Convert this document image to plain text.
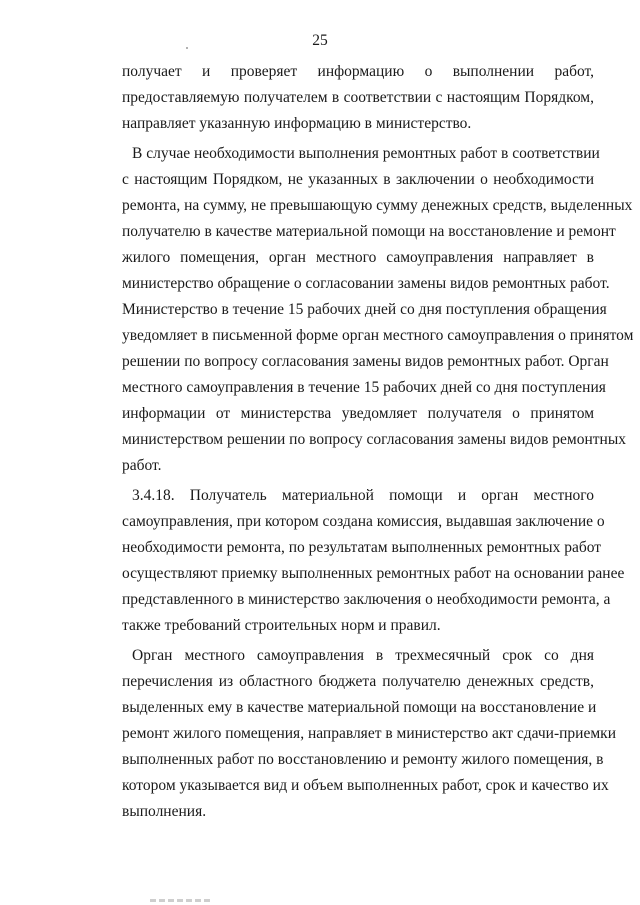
25
получает и проверяет информацию о выполнении работ,
предоставляемую получателем в соответствии с настоящим Порядком,
направляет указанную информацию в министерство.
В случае необходимости выполнения ремонтных работ в соответствии
с настоящим Порядком, не указанных в заключении о необходимости
ремонта, на сумму, не превышающую сумму денежных средств, выделенных
получателю в качестве материальной помощи на восстановление и ремонт
жилого помещения, орган местного самоуправления направляет в
министерство обращение о согласовании замены видов ремонтных работ.
Министерство в течение 15 рабочих дней со дня поступления обращения
уведомляет в письменной форме орган местного самоуправления о принятом
решении по вопросу согласования замены видов ремонтных работ. Орган
местного самоуправления в течение 15 рабочих дней со дня поступления
информации от министерства уведомляет получателя о принятом
министерством решении по вопросу согласования замены видов ремонтных
работ.
3.4.18. Получатель материальной помощи и орган местного
самоуправления, при котором создана комиссия, выдавшая заключение о
необходимости ремонта, по результатам выполненных ремонтных работ
осуществляют приемку выполненных ремонтных работ на основании ранее
представленного в министерство заключения о необходимости ремонта, а
также требований строительных норм и правил.
Орган местного самоуправления в трехмесячный срок со дня
перечисления из областного бюджета получателю денежных средств,
выделенных ему в качестве материальной помощи на восстановление и
ремонт жилого помещения, направляет в министерство акт сдачи-приемки
выполненных работ по восстановлению и ремонту жилого помещения, в
котором указывается вид и объем выполненных работ, срок и качество их
выполнения.
